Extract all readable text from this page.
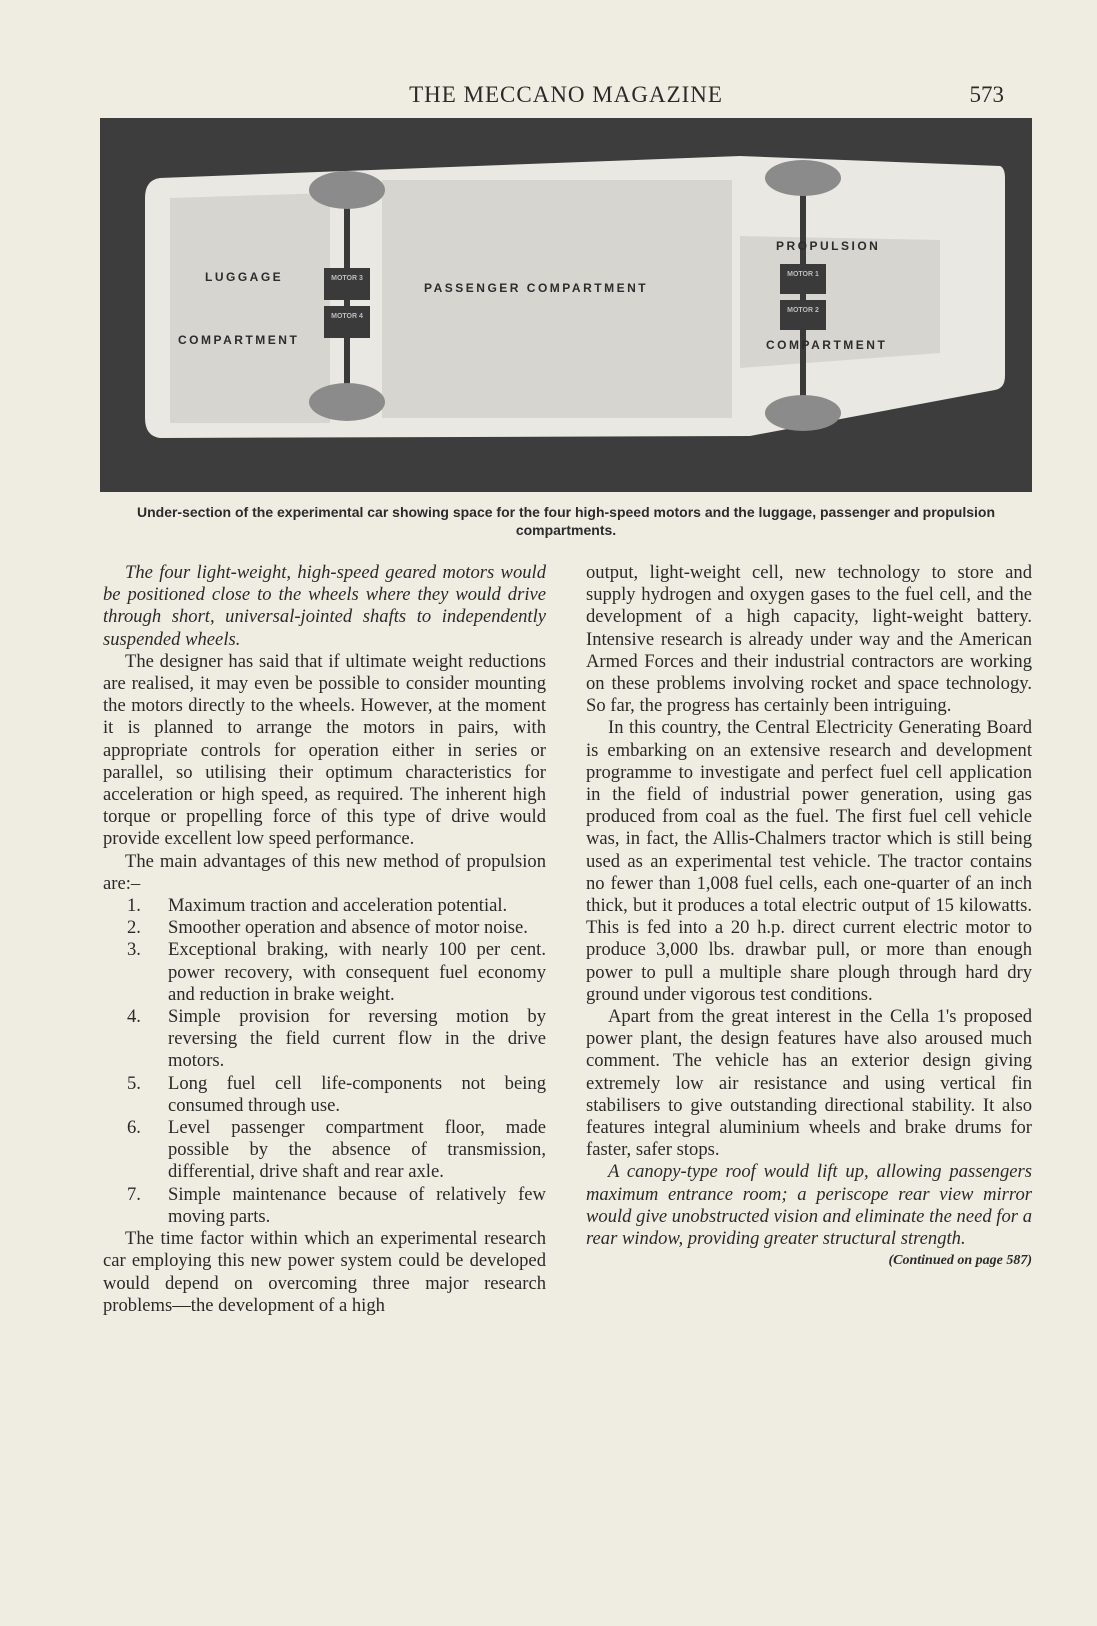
THE MECCANO MAGAZINE	573
MOTOR 3
MOTOR 4
MOTOR 1
MOTOR 2
LUGGAGE
COMPARTMENT
PASSENGER COMPARTMENT
PROPULSION
COMPARTMENT
Under-section of the experimental car showing space for the four high-speed motors and the luggage, passenger and propulsion compartments.

The four light-weight, high-speed geared motors would be positioned close to the wheels where they would drive through short, universal-jointed shafts to independently suspended wheels.

The designer has said that if ultimate weight reductions are realised, it may even be possible to consider mounting the motors directly to the wheels. However, at the moment it is planned to arrange the motors in pairs, with appropriate controls for operation either in series or parallel, so utilising their optimum characteristics for acceleration or high speed, as required. The inherent high torque or propelling force of this type of drive would provide excellent low speed performance.

The main advantages of this new method of propulsion are:–

1. Maximum traction and acceleration potential.
2. Smoother operation and absence of motor noise.
3. Exceptional braking, with nearly 100 per cent. power recovery, with consequent fuel economy and reduction in brake weight.
4. Simple provision for reversing motion by reversing the field current flow in the drive motors.
5. Long fuel cell life-components not being consumed through use.
6. Level passenger compartment floor, made possible by the absence of transmission, differential, drive shaft and rear axle.
7. Simple maintenance because of relatively few moving parts.

The time factor within which an experimental research car employing this new power system could be developed would depend on overcoming three major research problems—the development of a high

output, light-weight cell, new technology to store and supply hydrogen and oxygen gases to the fuel cell, and the development of a high capacity, light-weight battery. Intensive research is already under way and the American Armed Forces and their industrial contractors are working on these problems involving rocket and space technology. So far, the progress has certainly been intriguing.

In this country, the Central Electricity Generating Board is embarking on an extensive research and development programme to investigate and perfect fuel cell application in the field of industrial power generation, using gas produced from coal as the fuel. The first fuel cell vehicle was, in fact, the Allis-Chalmers tractor which is still being used as an experimental test vehicle. The tractor contains no fewer than 1,008 fuel cells, each one-quarter of an inch thick, but it produces a total electric output of 15 kilowatts. This is fed into a 20 h.p. direct current electric motor to produce 3,000 lbs. drawbar pull, or more than enough power to pull a multiple share plough through hard dry ground under vigorous test conditions.

Apart from the great interest in the Cella 1's proposed power plant, the design features have also aroused much comment. The vehicle has an exterior design giving extremely low air resistance and using vertical fin stabilisers to give outstanding directional stability. It also features integral aluminium wheels and brake drums for faster, safer stops.

A canopy-type roof would lift up, allowing passengers maximum entrance room; a periscope rear view mirror would give unobstructed vision and eliminate the need for a rear window, providing greater structural strength.
(Continued on page 587)
